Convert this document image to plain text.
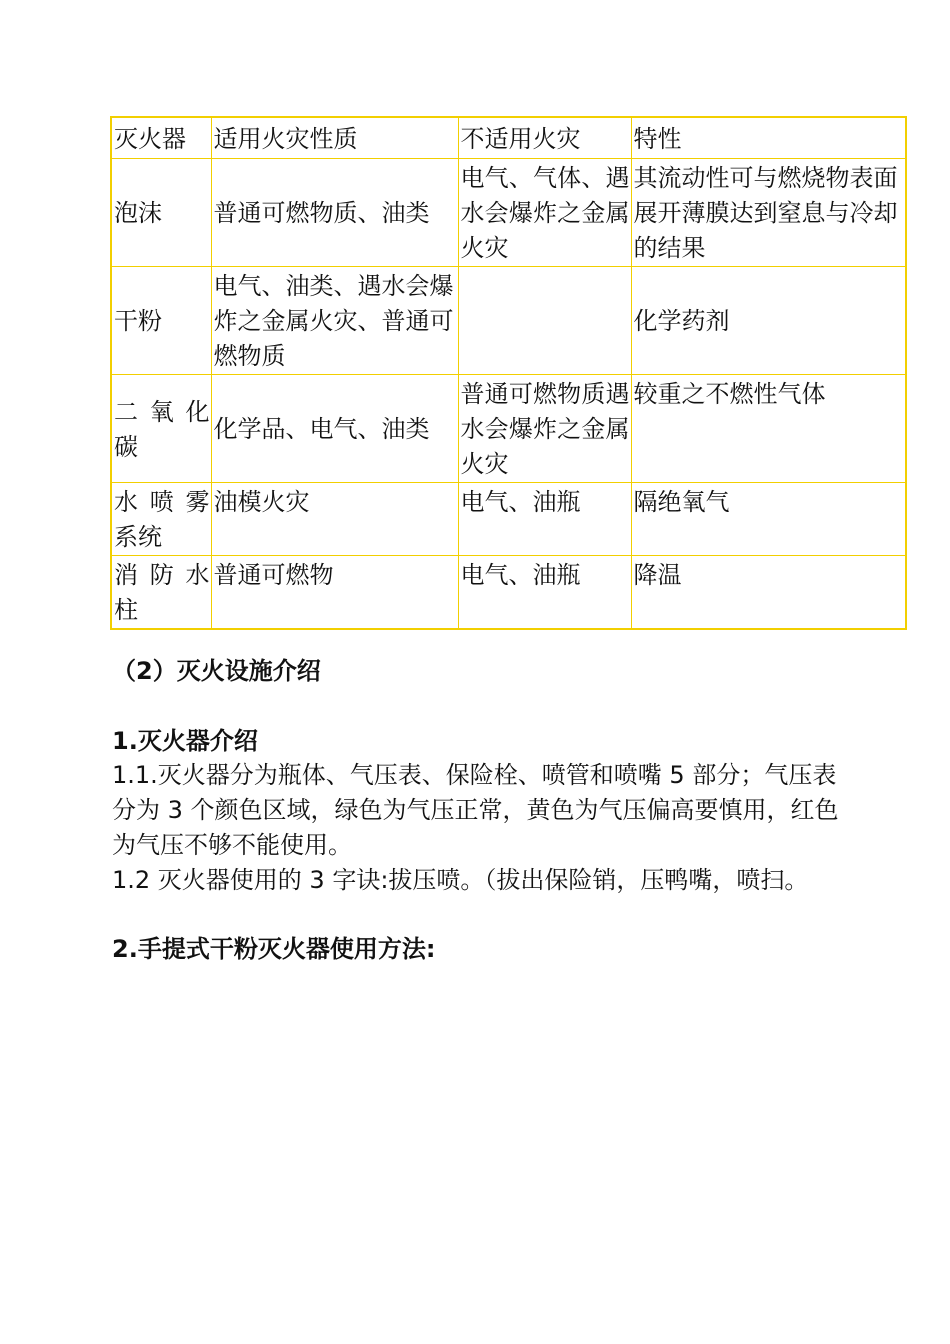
灭火器	适用火灾性质	不适用火灾	特性
泡沫	普通可燃物质、油类	电气、气体、遇水会爆炸之金属火灾	其流动性可与燃烧物表面展开薄膜达到窒息与冷却的结果
干粉	电气、油类、遇水会爆炸之金属火灾、普通可燃物质		化学药剂
二氧化碳	化学品、电气、油类	普通可燃物质遇水会爆炸之金属火灾	较重之不燃性气体
水喷雾系统	油模火灾	电气、油瓶	隔绝氧气
消防水柱	普通可燃物	电气、油瓶	降温
（2）灭火设施介绍
1.灭火器介绍
1.1.灭火器分为瓶体、气压表、保险栓、喷管和喷嘴 5 部分；气压表分为 3 个颜色区域，绿色为气压正常，黄色为气压偏高要慎用，红色为气压不够不能使用。
1.2 灭火器使用的 3 字诀:拔压喷。（拔出保险销，压鸭嘴，喷扫。
2.手提式干粉灭火器使用方法:
